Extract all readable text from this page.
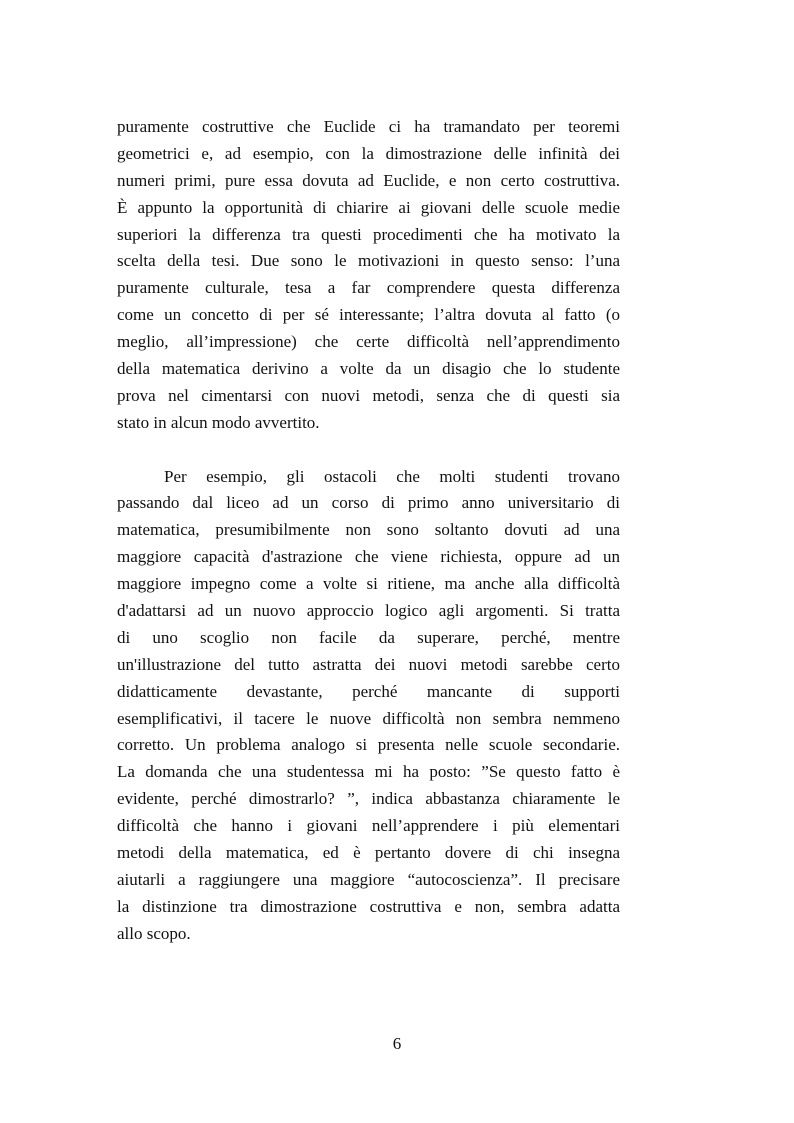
puramente costruttive che Euclide ci ha tramandato per teoremi
geometrici e, ad esempio, con la dimostrazione delle infinità dei
numeri primi, pure essa dovuta ad Euclide, e non certo costruttiva.
È appunto la opportunità di chiarire ai giovani delle scuole medie
superiori la differenza tra questi procedimenti che ha motivato la
scelta della tesi. Due sono le motivazioni in questo senso: l’una
puramente culturale, tesa a far comprendere questa differenza
come un concetto di per sé interessante; l’altra dovuta al fatto (o
meglio, all’impressione) che certe difficoltà nell’apprendimento
della matematica derivino a volte da un disagio che lo studente
prova nel cimentarsi con nuovi metodi, senza che di questi sia
stato in alcun modo avvertito.
Per esempio, gli ostacoli che molti studenti trovano
passando dal liceo ad un corso di primo anno universitario di
matematica, presumibilmente non sono soltanto dovuti ad una
maggiore capacità d'astrazione che viene richiesta, oppure ad un
maggiore impegno come a volte si ritiene, ma anche alla difficoltà
d'adattarsi ad un nuovo approccio logico agli argomenti. Si tratta
di uno scoglio non facile da superare, perché, mentre
un'illustrazione del tutto astratta dei nuovi metodi sarebbe certo
didatticamente devastante, perché mancante di supporti
esemplificativi, il tacere le nuove difficoltà non sembra nemmeno
corretto. Un problema analogo si presenta nelle scuole secondarie.
La domanda che una studentessa mi ha posto: ”Se questo fatto è
evidente, perché dimostrarlo? ”, indica abbastanza chiaramente le
difficoltà che hanno i giovani nell’apprendere i più elementari
metodi della matematica, ed è pertanto dovere di chi insegna
aiutarli a raggiungere una maggiore “autocoscienza”. Il precisare
la distinzione tra dimostrazione costruttiva e non, sembra adatta
allo scopo.
6
